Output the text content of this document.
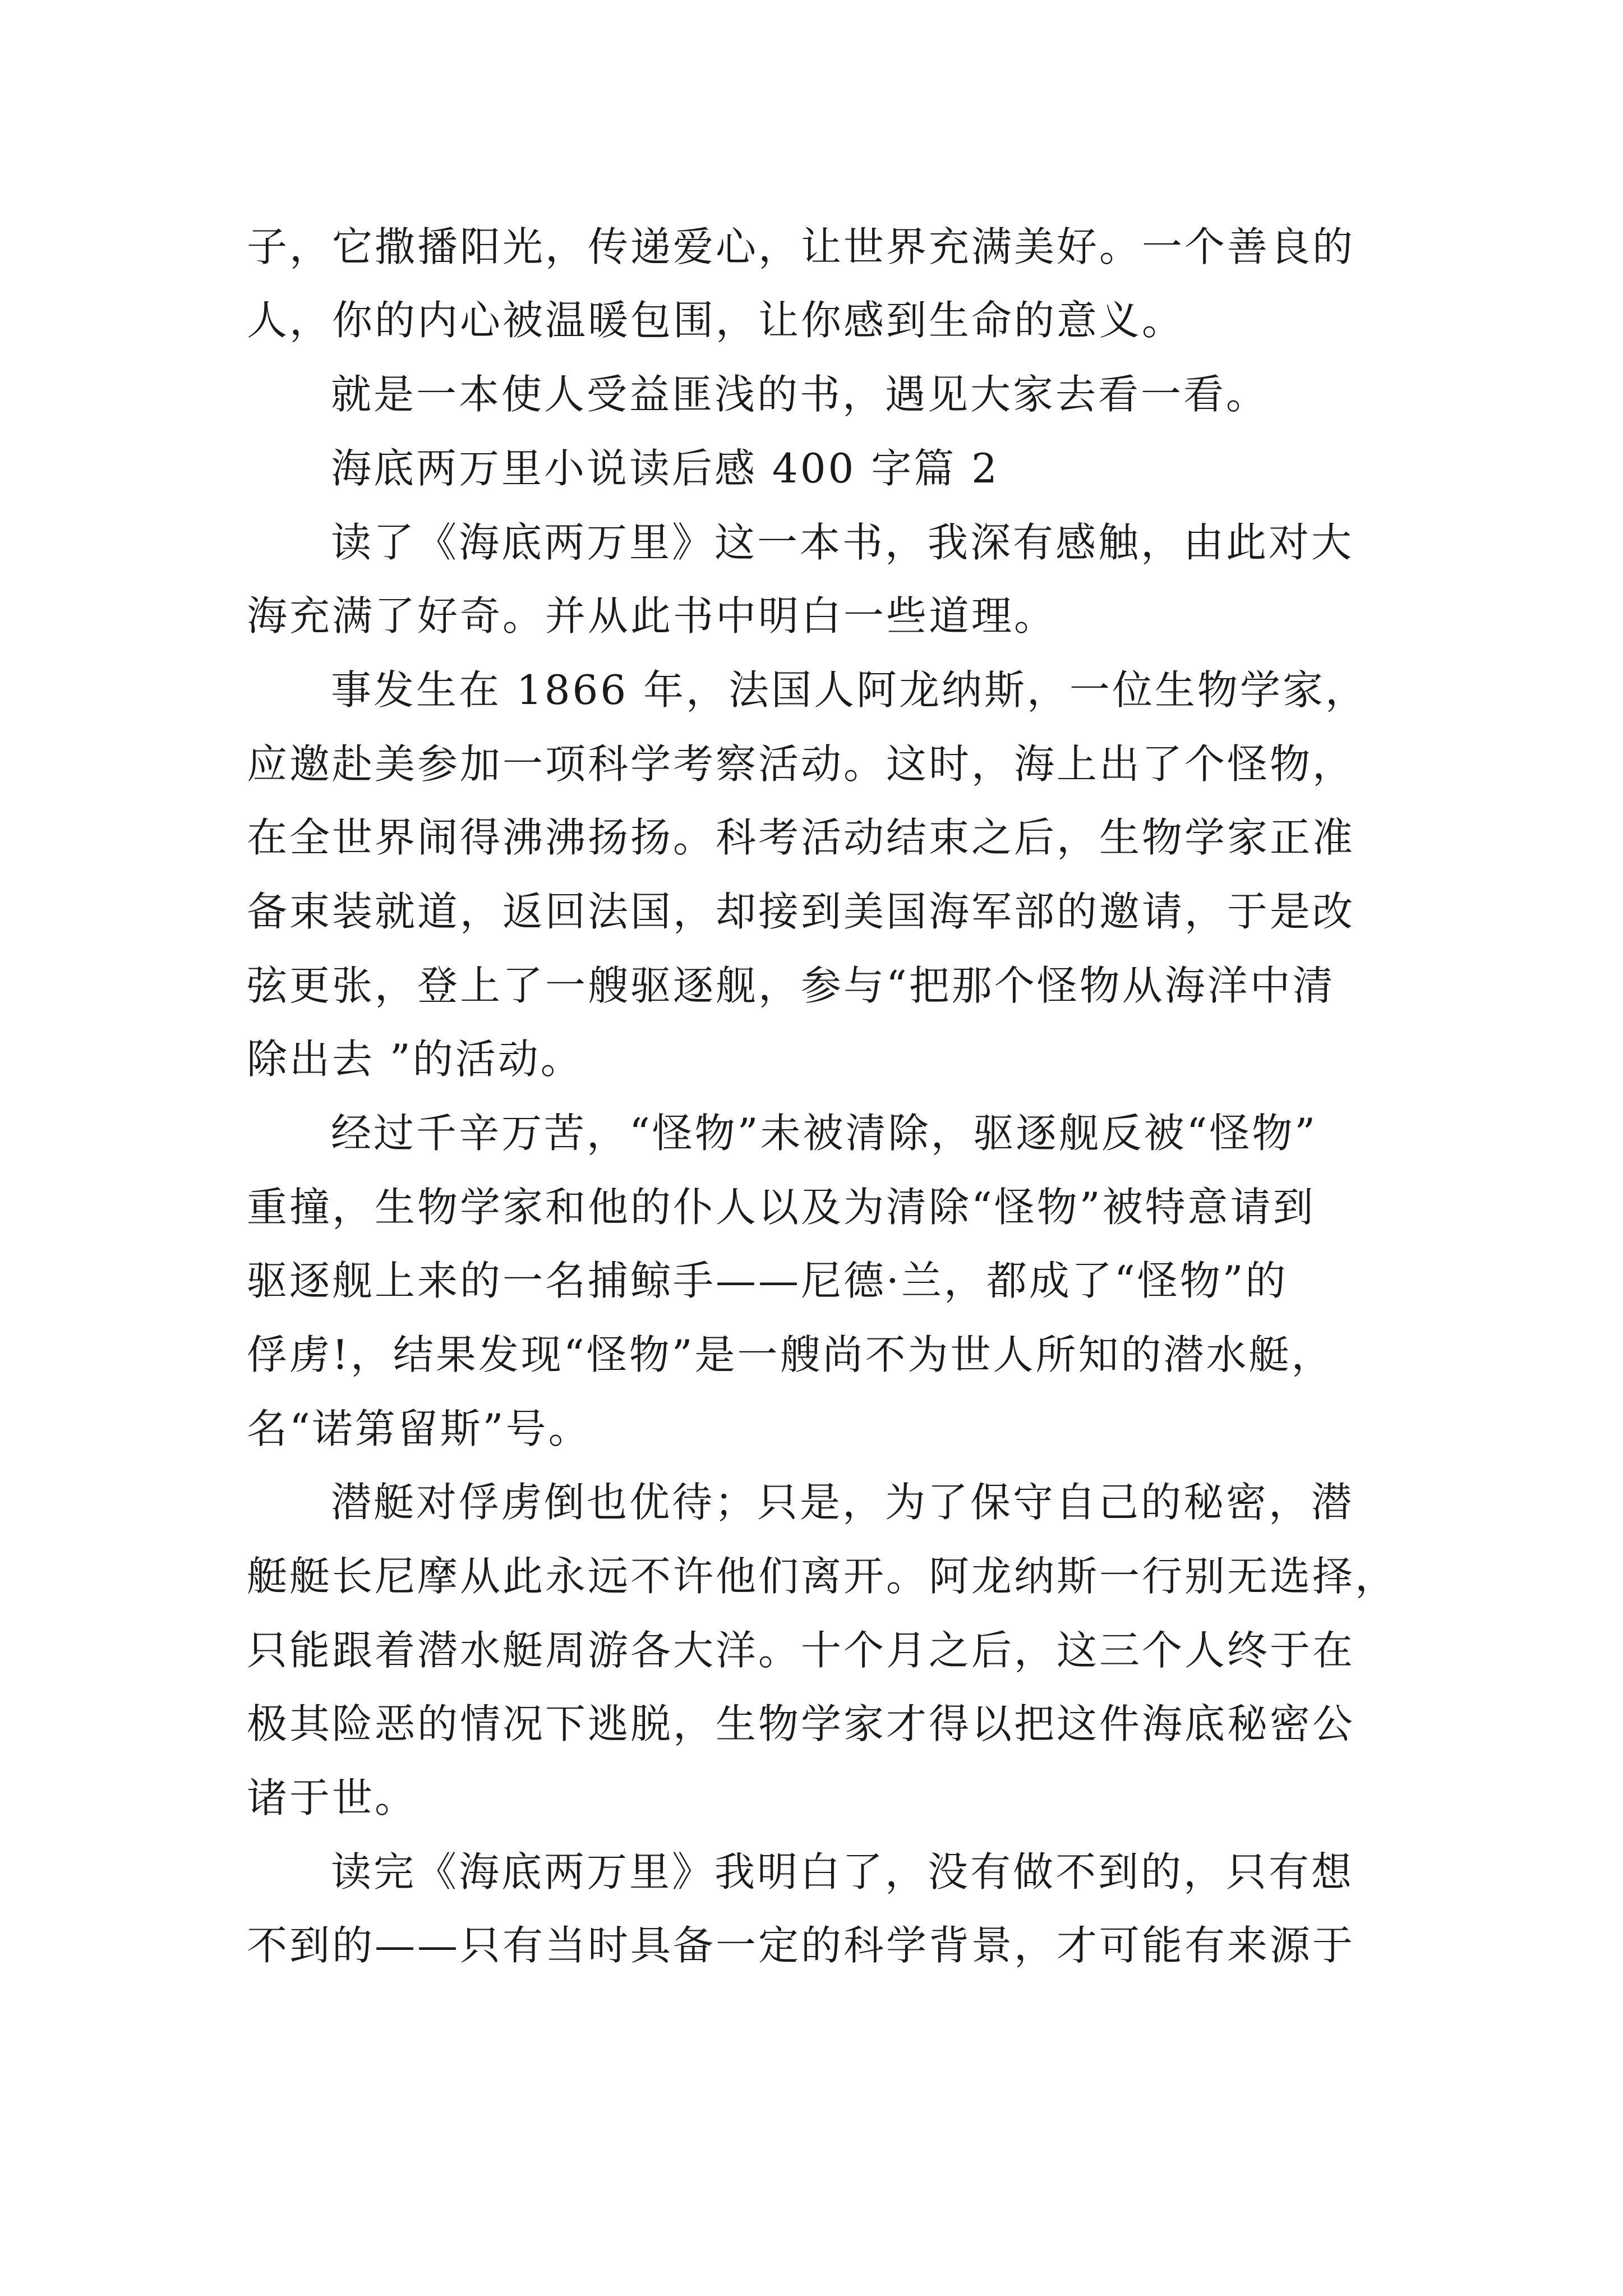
子，它撒播阳光，传递爱心，让世界充满美好。一个善良的
人，你的内心被温暖包围，让你感到生命的意义。
就是一本使人受益匪浅的书，遇见大家去看一看。
海底两万里小说读后感 400 字篇 2
读了《海底两万里》这一本书，我深有感触，由此对大
海充满了好奇。并从此书中明白一些道理。
事发生在 1866 年，法国人阿龙纳斯，一位生物学家，
应邀赴美参加一项科学考察活动。这时，海上出了个怪物，
在全世界闹得沸沸扬扬。科考活动结束之后，生物学家正准
备束装就道，返回法国，却接到美国海军部的邀请，于是改
弦更张，登上了一艘驱逐舰，参与“把那个怪物从海洋中清
除出去 ”的活动。
经过千辛万苦，“怪物”未被清除，驱逐舰反被“怪物”
重撞，生物学家和他的仆人以及为清除“怪物”被特意请到
驱逐舰上来的一名捕鲸手——尼德·兰，都成了“怪物”的
俘虏!，结果发现“怪物”是一艘尚不为世人所知的潜水艇，
名“诺第留斯”号。
潜艇对俘虏倒也优待；只是，为了保守自己的秘密，潜
艇艇长尼摩从此永远不许他们离开。阿龙纳斯一行别无选择，
只能跟着潜水艇周游各大洋。十个月之后，这三个人终于在
极其险恶的情况下逃脱，生物学家才得以把这件海底秘密公
诸于世。
读完《海底两万里》我明白了，没有做不到的，只有想
不到的——只有当时具备一定的科学背景，才可能有来源于
